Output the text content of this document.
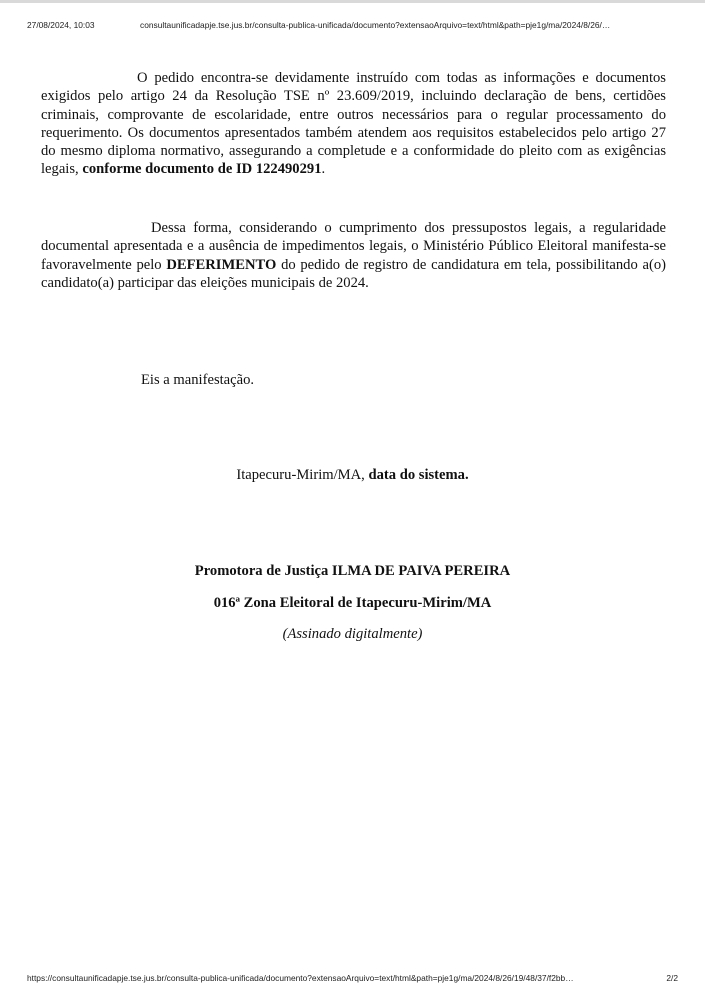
27/08/2024, 10:03	consultaunificadapje.tse.jus.br/consulta-publica-unificada/documento?extensaoArquivo=text/html&path=pje1g/ma/2024/8/26/…
O pedido encontra-se devidamente instruído com todas as informações e documentos exigidos pelo artigo 24 da Resolução TSE nº 23.609/2019, incluindo declaração de bens, certidões criminais, comprovante de escolaridade, entre outros necessários para o regular processamento do requerimento. Os documentos apresentados também atendem aos requisitos estabelecidos pelo artigo 27 do mesmo diploma normativo, assegurando a completude e a conformidade do pleito com as exigências legais, conforme documento de ID 122490291.
Dessa forma, considerando o cumprimento dos pressupostos legais, a regularidade documental apresentada e a ausência de impedimentos legais, o Ministério Público Eleitoral manifesta-se favoravelmente pelo DEFERIMENTO do pedido de registro de candidatura em tela, possibilitando a(o) candidato(a) participar das eleições municipais de 2024.
Eis a manifestação.
Itapecuru-Mirim/MA, data do sistema.
Promotora de Justiça ILMA DE PAIVA PEREIRA
016ª Zona Eleitoral de Itapecuru-Mirim/MA
(Assinado digitalmente)
https://consultaunificadapje.tse.jus.br/consulta-publica-unificada/documento?extensaoArquivo=text/html&path=pje1g/ma/2024/8/26/19/48/37/f2bb…	2/2
